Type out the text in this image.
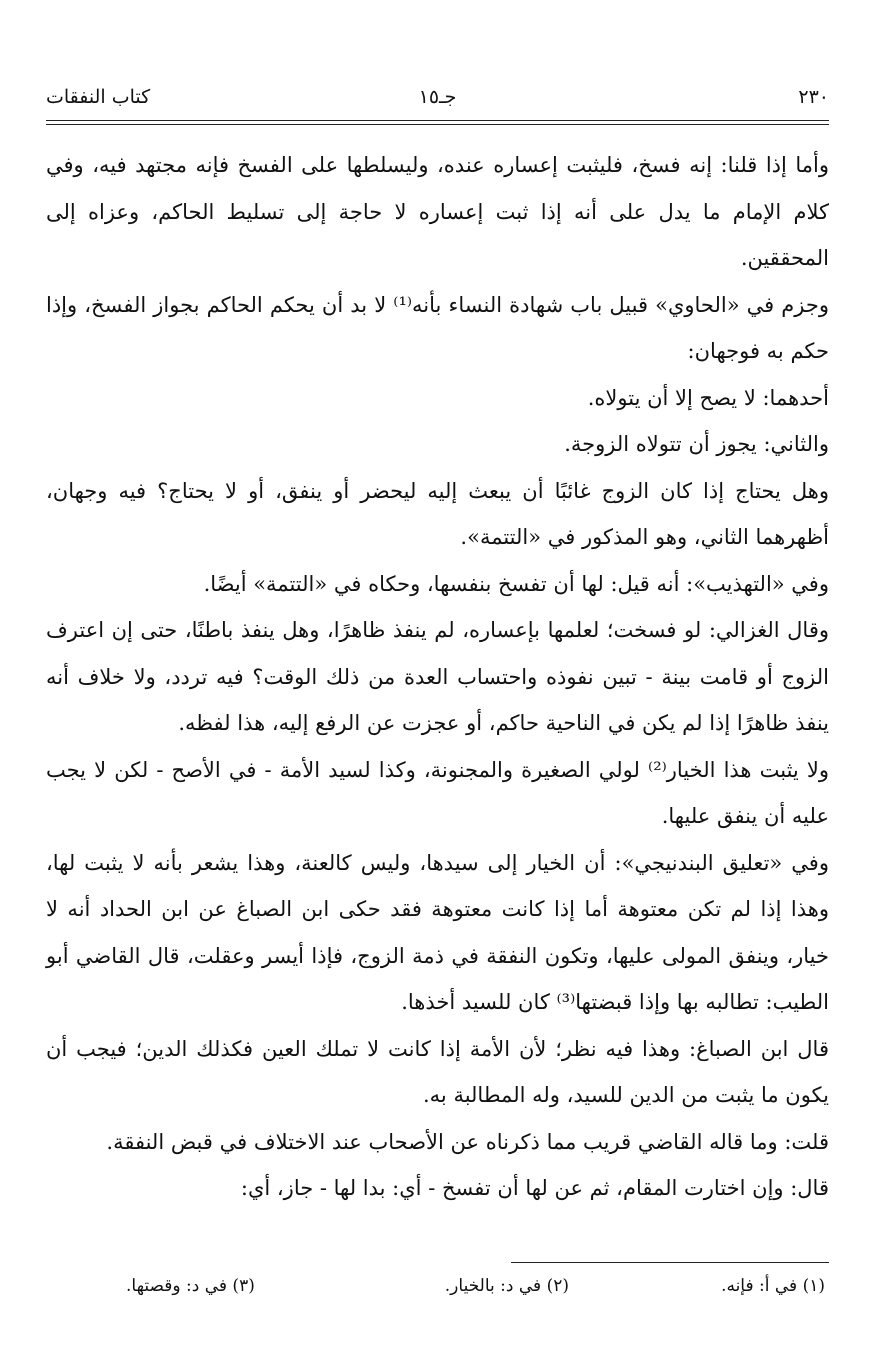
٢٣٠
جـ١٥
كتاب النفقات

وأما إذا قلنا: إنه فسخ، فليثبت إعساره عنده، وليسلطها على الفسخ فإنه مجتهد فيه، وفي كلام الإمام ما يدل على أنه إذا ثبت إعساره لا حاجة إلى تسليط الحاكم، وعزاه إلى المحققين.

وجزم في «الحاوي» قبيل باب شهادة النساء بأنه⁽¹⁾ لا بد أن يحكم الحاكم بجواز الفسخ، وإذا حكم به فوجهان:

أحدهما: لا يصح إلا أن يتولاه.

والثاني: يجوز أن تتولاه الزوجة.

وهل يحتاج إذا كان الزوج غائبًا أن يبعث إليه ليحضر أو ينفق، أو لا يحتاج؟ فيه وجهان، أظهرهما الثاني، وهو المذكور في «التتمة».

وفي «التهذيب»: أنه قيل: لها أن تفسخ بنفسها، وحكاه في «التتمة» أيضًا.

وقال الغزالي: لو فسخت؛ لعلمها بإعساره، لم ينفذ ظاهرًا، وهل ينفذ باطنًا، حتى إن اعترف الزوج أو قامت بينة - تبين نفوذه واحتساب العدة من ذلك الوقت؟ فيه تردد، ولا خلاف أنه ينفذ ظاهرًا إذا لم يكن في الناحية حاكم، أو عجزت عن الرفع إليه، هذا لفظه.

ولا يثبت هذا الخيار⁽²⁾ لولي الصغيرة والمجنونة، وكذا لسيد الأمة - في الأصح - لكن لا يجب عليه أن ينفق عليها.

وفي «تعليق البندنيجي»: أن الخيار إلى سيدها، وليس كالعنة، وهذا يشعر بأنه لا يثبت لها، وهذا إذا لم تكن معتوهة أما إذا كانت معتوهة فقد حكى ابن الصباغ عن ابن الحداد أنه لا خيار، وينفق المولى عليها، وتكون النفقة في ذمة الزوج، فإذا أيسر وعقلت، قال القاضي أبو الطيب: تطالبه بها وإذا قبضتها⁽³⁾ كان للسيد أخذها.

قال ابن الصباغ: وهذا فيه نظر؛ لأن الأمة إذا كانت لا تملك العين فكذلك الدين؛ فيجب أن يكون ما يثبت من الدين للسيد، وله المطالبة به.

قلت: وما قاله القاضي قريب مما ذكرناه عن الأصحاب عند الاختلاف في قبض النفقة.

قال: وإن اختارت المقام، ثم عن لها أن تفسخ - أي: بدا لها - جاز، أي:

(١) في أ: فإنه.
(٢) في د: بالخيار.
(٣) في د: وقصتها.
